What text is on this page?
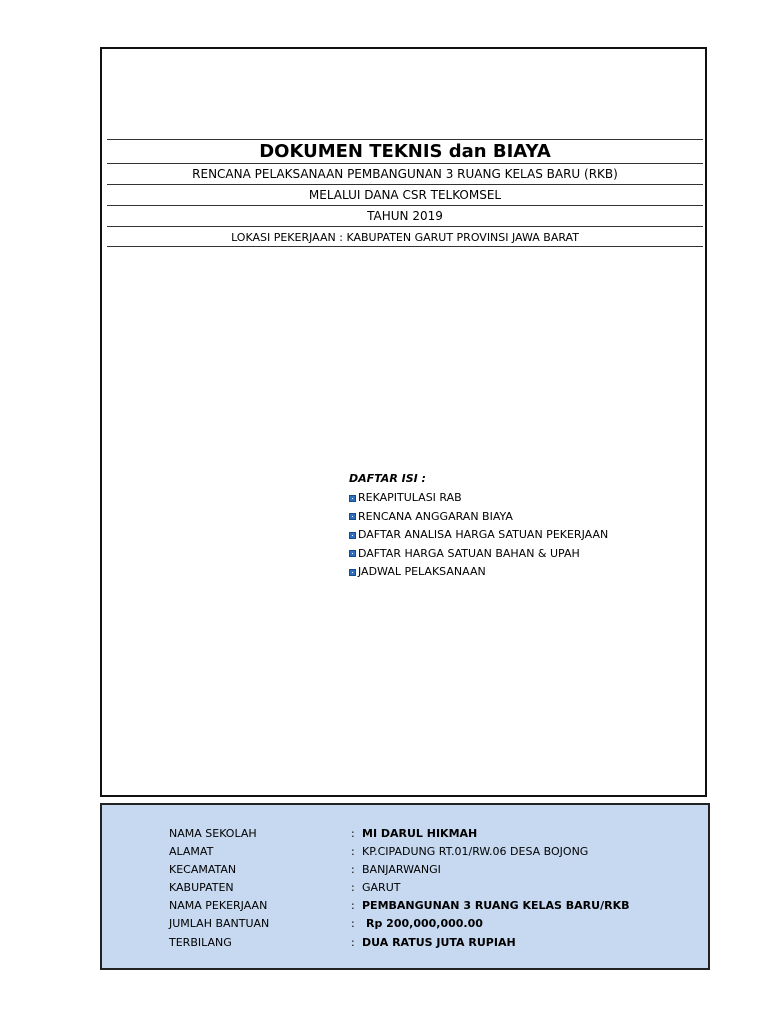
DOKUMEN TEKNIS dan BIAYA
RENCANA PELAKSANAAN PEMBANGUNAN 3 RUANG KELAS BARU (RKB)
MELALUI DANA CSR TELKOMSEL
TAHUN 2019
LOKASI PEKERJAAN : KABUPATEN GARUT PROVINSI JAWA BARAT
DAFTAR ISI :
REKAPITULASI RAB
RENCANA ANGGARAN BIAYA
DAFTAR ANALISA HARGA SATUAN PEKERJAAN
DAFTAR HARGA SATUAN BAHAN & UPAH
JADWAL PELAKSANAAN
NAMA SEKOLAH	: MI DARUL HIKMAH
ALAMAT	: KP.CIPADUNG RT.01/RW.06 DESA BOJONG
KECAMATAN	: BANJARWANGI
KABUPATEN	: GARUT
NAMA PEKERJAAN	: PEMBANGUNAN 3 RUANG KELAS BARU/RKB
JUMLAH BANTUAN	: Rp 200,000,000.00
TERBILANG	: DUA RATUS JUTA RUPIAH
